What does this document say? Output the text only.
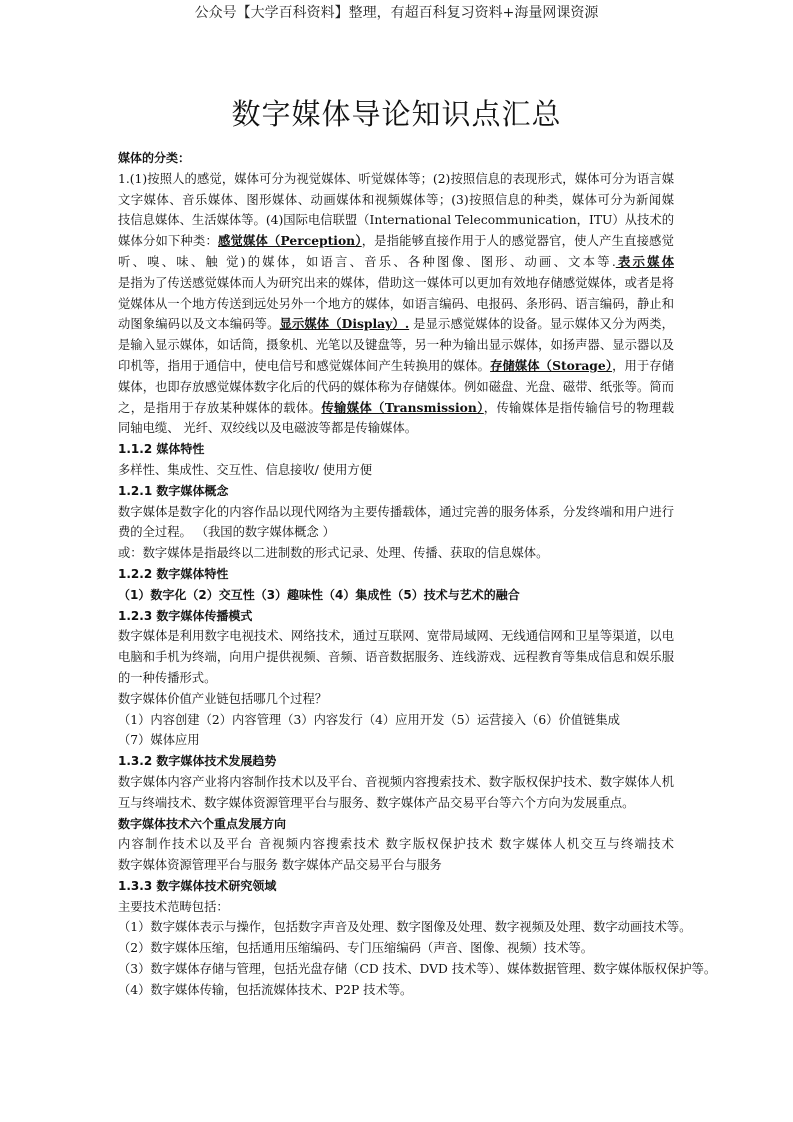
公众号【大学百科资料】整理，有超百科复习资料+海量网课资源
数字媒体导论知识点汇总
媒体的分类：
1.(1)按照人的感觉，媒体可分为视觉媒体、听觉媒体等；(2)按照信息的表现形式，媒体可分为语言媒
文字媒体、音乐媒体、图形媒体、动画媒体和视频媒体等；(3)按照信息的种类，媒体可分为新闻媒
技信息媒体、生活媒体等。(4)国际电信联盟（International Telecommunication，ITU）从技术的
媒体分如下种类：感觉媒体（Perception），是指能够直接作用于人的感觉器官，使人产生直接感觉
听、嗅、味、触 觉)的媒体，如语言、音乐、各种图像、图形、动画、文本等.表示媒体
是指为了传送感觉媒体而人为研究出来的媒体，借助这一媒体可以更加有效地存储感觉媒体，或者是将
觉媒体从一个地方传送到远处另外一个地方的媒体，如语言编码、电报码、条形码、语言编码，静止和
动图象编码以及文本编码等。显示媒体（Display）. 是显示感觉媒体的设备。显示媒体又分为两类，
是输入显示媒体，如话筒，摄象机、光笔以及键盘等，另一种为输出显示媒体，如扬声器、显示器以及
印机等，指用于通信中，使电信号和感觉媒体间产生转换用的媒体。存储媒体（Storage），用于存储
媒体，也即存放感觉媒体数字化后的代码的媒体称为存储媒体。例如磁盘、光盘、磁带、纸张等。简而
之，是指用于存放某种媒体的载体。传输媒体（Transmission），传输媒体是指传输信号的物理载
同轴电缆、 光纤、双绞线以及电磁波等都是传输媒体。
1.1.2 媒体特性
多样性、集成性、交互性、信息接收/ 使用方便
1.2.1 数字媒体概念
数字媒体是数字化的内容作品以现代网络为主要传播载体，通过完善的服务体系，分发终端和用户进行
费的全过程。 （我国的数字媒体概念 ）
或：数字媒体是指最终以二进制数的形式记录、处理、传播、获取的信息媒体。
1.2.2 数字媒体特性
（1）数字化（2）交互性（3）趣味性（4）集成性（5）技术与艺术的融合
1.2.3 数字媒体传播模式
数字媒体是利用数字电视技术、网络技术，通过互联网、宽带局域网、无线通信网和卫星等渠道，以电
电脑和手机为终端，向用户提供视频、音频、语音数据服务、连线游戏、远程教育等集成信息和娱乐服
的一种传播形式。
数字媒体价值产业链包括哪几个过程？
（1）内容创建（2）内容管理（3）内容发行（4）应用开发（5）运营接入（6）价值链集成
（7）媒体应用
1.3.2 数字媒体技术发展趋势
数字媒体内容产业将内容制作技术以及平台、音视频内容搜索技术、数字版权保护技术、数字媒体人机
互与终端技术、数字媒体资源管理平台与服务、数字媒体产品交易平台等六个方向为发展重点。
数字媒体技术六个重点发展方向
内容制作技术以及平台 音视频内容搜索技术 数字版权保护技术 数字媒体人机交互与终端技术
数字媒体资源管理平台与服务 数字媒体产品交易平台与服务
1.3.3 数字媒体技术研究领域
主要技术范畴包括：
（1）数字媒体表示与操作，包括数字声音及处理、数字图像及处理、数字视频及处理、数字动画技术等。
（2）数字媒体压缩，包括通用压缩编码、专门压缩编码（声音、图像、视频）技术等。
（3）数字媒体存储与管理，包括光盘存储（CD 技术、DVD 技术等）、媒体数据管理、数字媒体版权保护等。
（4）数字媒体传输，包括流媒体技术、P2P 技术等。
